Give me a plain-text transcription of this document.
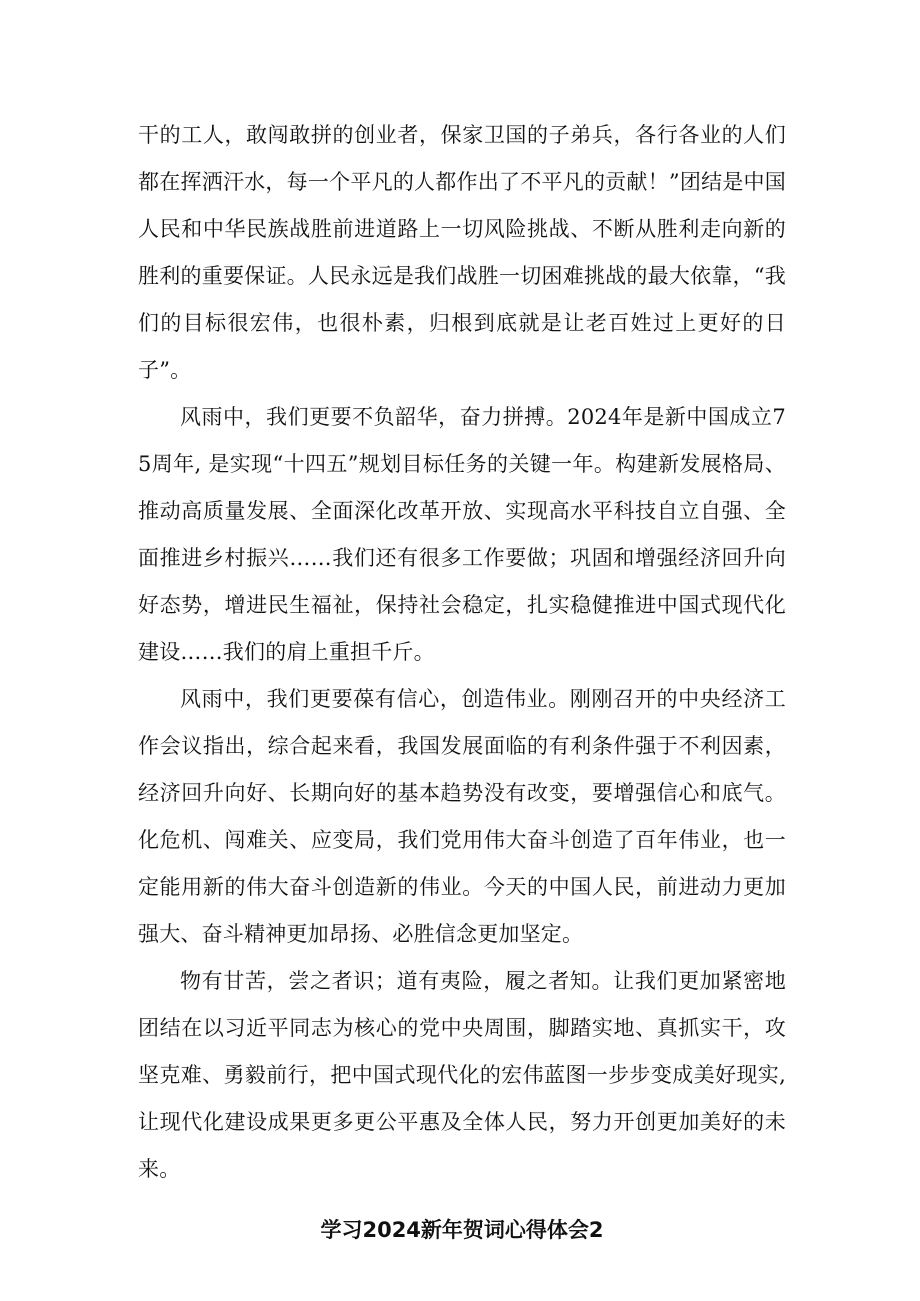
干的工人，敢闯敢拼的创业者，保家卫国的子弟兵，各行各业的人们都在挥洒汗水，每一个平凡的人都作出了不平凡的贡献！”团结是中国人民和中华民族战胜前进道路上一切风险挑战、不断从胜利走向新的胜利的重要保证。人民永远是我们战胜一切困难挑战的最大依靠，“我们的目标很宏伟，也很朴素，归根到底就是让老百姓过上更好的日子”。

风雨中，我们更要不负韶华，奋力拼搏。2024年是新中国成立75周年, 是实现“十四五”规划目标任务的关键一年。构建新发展格局、推动高质量发展、全面深化改革开放、实现高水平科技自立自强、全面推进乡村振兴……我们还有很多工作要做；巩固和增强经济回升向好态势，增进民生福祉，保持社会稳定，扎实稳健推进中国式现代化建设……我们的肩上重担千斤。

风雨中，我们更要葆有信心，创造伟业。刚刚召开的中央经济工作会议指出，综合起来看，我国发展面临的有利条件强于不利因素，经济回升向好、长期向好的基本趋势没有改变，要增强信心和底气。化危机、闯难关、应变局，我们党用伟大奋斗创造了百年伟业，也一定能用新的伟大奋斗创造新的伟业。今天的中国人民，前进动力更加强大、奋斗精神更加昂扬、必胜信念更加坚定。

物有甘苦，尝之者识；道有夷险，履之者知。让我们更加紧密地团结在以习近平同志为核心的党中央周围，脚踏实地、真抓实干，攻坚克难、勇毅前行，把中国式现代化的宏伟蓝图一步步变成美好现实, 让现代化建设成果更多更公平惠及全体人民，努力开创更加美好的未来。

学习2024新年贺词心得体会2
